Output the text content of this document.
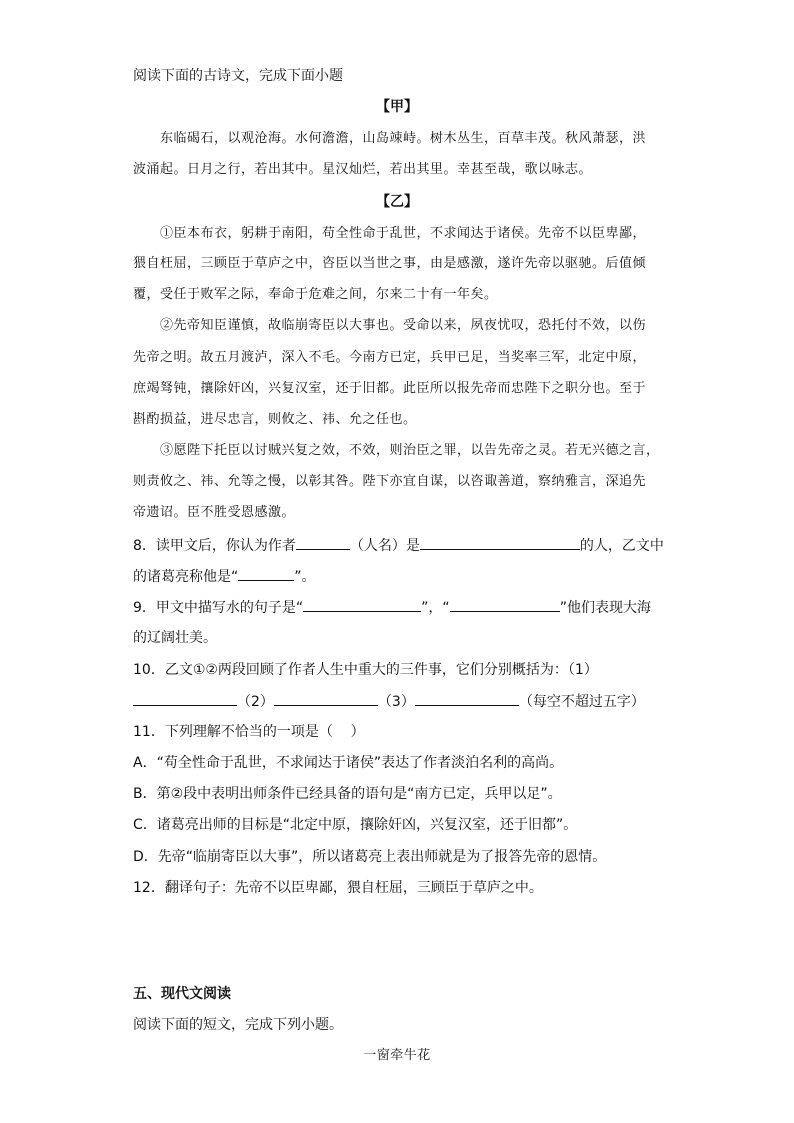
阅读下面的古诗文，完成下面小题
【甲】
东临碣石，以观沧海。水何澹澹，山岛竦峙。树木丛生，百草丰茂。秋风萧瑟，洪
波涌起。日月之行，若出其中。星汉灿烂，若出其里。幸甚至哉，歌以咏志。
【乙】
①臣本布衣，躬耕于南阳，苟全性命于乱世，不求闻达于诸侯。先帝不以臣卑鄙，
猥自枉屈，三顾臣于草庐之中，咨臣以当世之事，由是感激，遂许先帝以驱驰。后值倾
覆，受任于败军之际，奉命于危难之间，尔来二十有一年矣。
②先帝知臣谨慎，故临崩寄臣以大事也。受命以来，夙夜忧叹，恐托付不效，以伤
先帝之明。故五月渡泸，深入不毛。今南方已定，兵甲已足，当奖率三军，北定中原，
庶竭驽钝，攘除奸凶，兴复汉室，还于旧都。此臣所以报先帝而忠陛下之职分也。至于
斟酌损益，进尽忠言，则攸之、祎、允之任也。
③愿陛下托臣以讨贼兴复之效，不效，则治臣之罪，以告先帝之灵。若无兴德之言，
则责攸之、祎、允等之慢，以彰其咎。陛下亦宜自谋，以咨诹善道，察纳雅言，深追先
帝遗诏。臣不胜受恩感激。
8．读甲文后，你认为作者	（人名）是	的人，乙文中
的诸葛亮称他是“	”。
9．甲文中描写水的句子是“	”，“	”他们表现大海
的辽阔壮美。
10．乙文①②两段回顾了作者人生中重大的三件事，它们分别概括为：（1）
（2）	（3）	（每空不超过五字）
11．下列理解不恰当的一项是（    ）
A．“苟全性命于乱世，不求闻达于诸侯”表达了作者淡泊名利的高尚。
B．第②段中表明出师条件已经具备的语句是“南方已定，兵甲以足”。
C．诸葛亮出师的目标是“北定中原，攘除奸凶，兴复汉室，还于旧都”。
D．先帝“临崩寄臣以大事”，所以诸葛亮上表出师就是为了报答先帝的恩情。
12．翻译句子：先帝不以臣卑鄙，猥自枉屈，三顾臣于草庐之中。
五、现代文阅读
阅读下面的短文，完成下列小题。
一窗牵牛花
